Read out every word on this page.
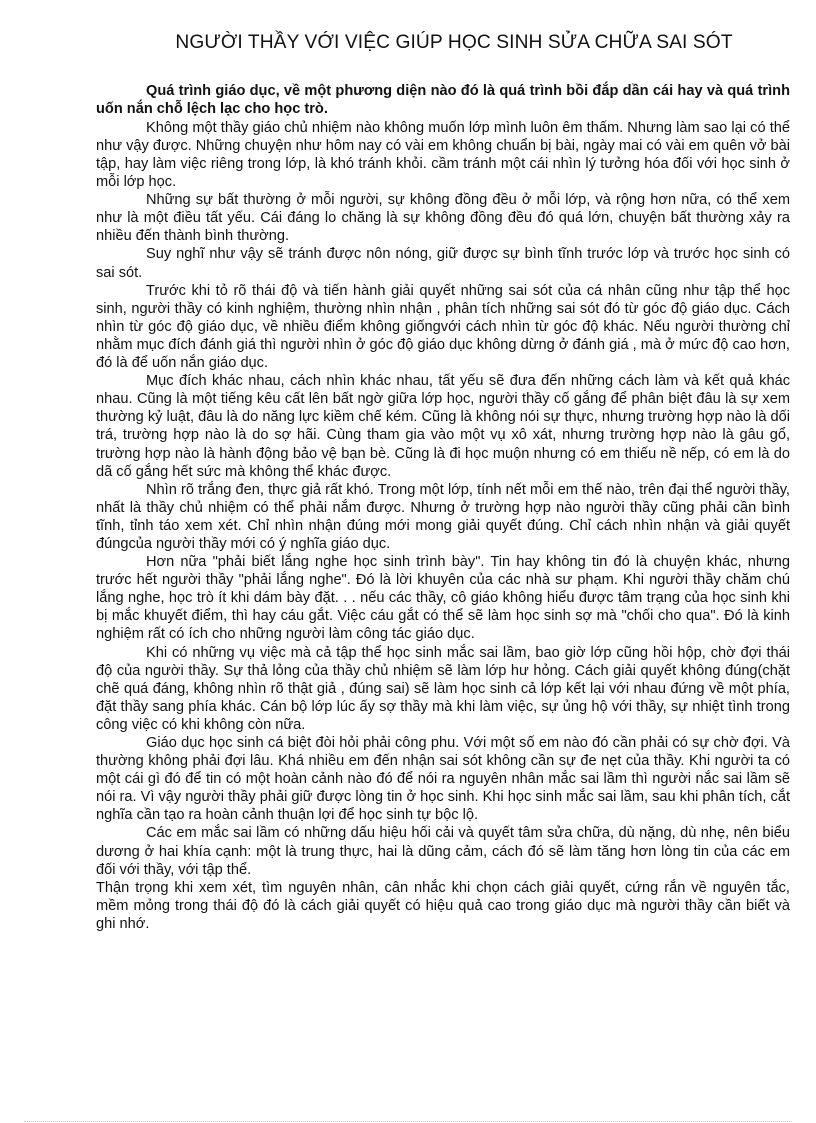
NGƯỜI THẦY VỚI VIỆC GIÚP HỌC SINH SỬA CHỮA SAI SÓT

Quá trình giáo dục, về một phương diện nào đó là quá trình bồi đắp dần cái hay và quá trình uốn nắn chỗ lệch lạc cho học trò.

Không một thầy giáo chủ nhiệm nào không muốn lớp mình luôn êm thấm. Nhưng làm sao lại có thể như vậy được. Những chuyện như hôm nay có vài em không chuẩn bị bài, ngày mai có vài em quên vở bài tập, hay làm việc riêng trong lớp, là khó tránh khỏi. cầm tránh một cái nhìn lý tưởng hóa đối với học sinh ở mỗi lớp học.

Những sự bất thường ở mỗi người, sự không đồng đều ở mỗi lớp, và rộng hơn nữa, có thể xem như là một điều tất yếu. Cái đáng lo chăng là sự không đồng đều đó quá lớn, chuyện bất thường xảy ra nhiều đến thành bình thường.

Suy nghĩ như vậy sẽ tránh được nôn nóng, giữ được sự bình tĩnh trước lớp và trước học sinh có sai sót.

Trước khi tỏ rõ thái độ và tiến hành giải quyết những sai sót của cá nhân cũng như tập thể học sinh, người thầy có kinh nghiệm, thường nhìn nhận , phân tích những sai sót đó từ góc độ giáo dục. Cách nhìn từ góc độ giáo dục, về nhiều điểm không giốngvới cách nhìn từ góc độ khác. Nếu người thường chỉ nhằm mục đích đánh giá thì người nhìn ở góc độ giáo dục không dừng ở đánh giá , mà ở mức độ cao hơn, đó là để uốn nắn giáo dục.

Mục đích khác nhau, cách nhìn khác nhau, tất yếu sẽ đưa đến những cách làm và kết quả khác nhau. Cũng là một tiếng kêu cất lên bất ngờ giữa lớp học, người thầy cố gắng để phân biệt đâu là sự xem thường kỷ luật, đâu là do năng lực kiềm chế kém. Cũng là không nói sự thực, nhưng trường hợp nào là dối trá, trường hợp nào là do sợ hãi. Cùng tham gia vào một vụ xô xát, nhưng trường hợp nào là gâu gổ, trường hợp nào là hành động bảo vệ bạn bè. Cũng là đi học muộn nhưng có em thiếu nề nếp, có em là do dã cố gắng hết sức mà không thể khác được.

Nhìn rõ trắng đen, thực giả rất khó. Trong một lớp, tính nết mỗi em thế nào, trên đại thể người thầy, nhất là thầy chủ nhiệm có thể phải nắm được. Nhưng ở trường hợp nào người thầy cũng phải cần bình tĩnh, tỉnh táo xem xét. Chỉ nhìn nhận đúng mới mong giải quyết đúng. Chỉ cách nhìn nhận và giải quyết đúngcủa người thầy mới có ý nghĩa giáo dục.

Hơn nữa "phải biết lắng nghe học sinh trình bày". Tin hay không tin đó là chuyện khác, nhưng trước hết người thầy "phải lắng nghe". Đó là lời khuyên của các nhà sư phạm. Khi người thầy chăm chú lắng nghe, học trò ít khi dám bày đặt. . . nếu các thầy, cô giáo không hiểu được tâm trạng của học sinh khi bị mắc khuyết điểm, thì hay cáu gắt. Việc cáu gắt có thể sẽ làm học sinh sợ mà "chối cho qua". Đó là kinh nghiệm rất có ích cho những người làm công tác giáo dục.

Khi có những vụ việc mà cả tập thể học sinh mắc sai lầm, bao giờ lớp cũng hồi hộp, chờ đợi thái độ của người thầy. Sự thả lỏng của thầy chủ nhiệm sẽ làm lớp hư hỏng. Cách giải quyết không đúng(chặt chẽ quá đáng, không nhìn rõ thật giả , đúng sai) sẽ làm học sinh cả lớp kết lại với nhau đứng về một phía, đặt thầy sang phía khác. Cán bộ lớp lúc ấy sợ thầy mà khi làm việc, sự ủng hộ với thầy, sự nhiệt tình trong công việc có khi không còn nữa.

Giáo dục học sinh cá biệt đòi hỏi phải công phu. Với một số em nào đó cần phải có sự chờ đợi. Và thường không phải đợi lâu. Khá nhiều em đến nhận sai sót không cần sự đe nẹt của thầy. Khi người ta có một cái gì đó để tin có một hoàn cảnh nào đó để nói ra nguyên nhân mắc sai lầm thì người nắc sai lầm sẽ nói ra. Vì vậy người thầy phải giữ được lòng tin ở học sinh. Khi học sinh mắc sai lầm, sau khi phân tích, cắt nghĩa cần tạo ra hoàn cảnh thuận lợi để học sinh tự bộc lộ.

Các em mắc sai lầm có những dấu hiệu hối cải và quyết tâm sửa chữa, dù nặng, dù nhẹ, nên biểu dương ở hai khía cạnh: một là trung thực, hai là dũng cảm, cách đó sẽ làm tăng hơn lòng tin của các em đối với thầy, với tập thể.

Thận trọng khi xem xét, tìm nguyên nhân, cân nhắc khi chọn cách giải quyết, cứng rắn về nguyên tắc, mềm mỏng trong thái độ đó là cách giải quyết có hiệu quả cao trong giáo dục mà người thầy cần biết và ghi nhớ.
